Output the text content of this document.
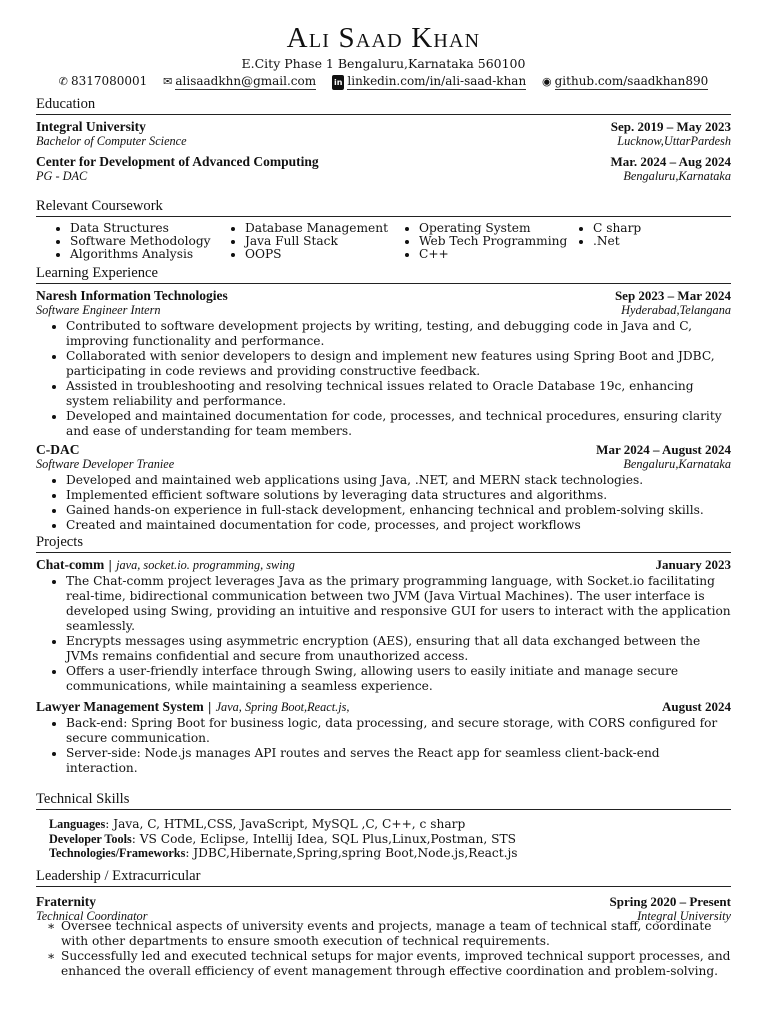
Ali Saad Khan
E.City Phase 1 Bengaluru,Karnataka 560100
✆ 8317080001 ✉ alisaadkhn@gmail.com in linkedin.com/in/ali-saad-khan ◉ github.com/saadkhan890
Education
Integral University	Sep. 2019 – May 2023
Bachelor of Computer Science	Lucknow,UttarPardesh
Center for Development of Advanced Computing	Mar. 2024 – Aug 2024
PG - DAC	Bengaluru,Karnataka
Relevant Coursework
• Data Structures
• Software Methodology
• Algorithms Analysis
• Database Management
• Java Full Stack
• OOPS
• Operating System
• Web Tech Programming
• C++
• C sharp
• .Net
Learning Experience
Naresh Information Technologies	Sep 2023 – Mar 2024
Software Engineer Intern	Hyderabad,Telangana
• Contributed to software development projects by writing, testing, and debugging code in Java and C, improving functionality and performance.
• Collaborated with senior developers to design and implement new features using Spring Boot and JDBC, participating in code reviews and providing constructive feedback.
• Assisted in troubleshooting and resolving technical issues related to Oracle Database 19c, enhancing system reliability and performance.
• Developed and maintained documentation for code, processes, and technical procedures, ensuring clarity and ease of understanding for team members.
C-DAC	Mar 2024 – August 2024
Software Developer Traniee	Bengaluru,Karnataka
• Developed and maintained web applications using Java, .NET, and MERN stack technologies.
• Implemented efficient software solutions by leveraging data structures and algorithms.
• Gained hands-on experience in full-stack development, enhancing technical and problem-solving skills.
• Created and maintained documentation for code, processes, and project workflows
Projects
Chat-comm | java, socket.io. programming, swing	January 2023
• The Chat-comm project leverages Java as the primary programming language, with Socket.io facilitating real-time, bidirectional communication between two JVM (Java Virtual Machines). The user interface is developed using Swing, providing an intuitive and responsive GUI for users to interact with the application seamlessly.
• Encrypts messages using asymmetric encryption (AES), ensuring that all data exchanged between the JVMs remains confidential and secure from unauthorized access.
• Offers a user-friendly interface through Swing, allowing users to easily initiate and manage secure communications, while maintaining a seamless experience.
Lawyer Management System | Java, Spring Boot,React.js,	August 2024
• Back-end: Spring Boot for business logic, data processing, and secure storage, with CORS configured for secure communication.
• Server-side: Node.js manages API routes and serves the React app for seamless client-back-end interaction.
Technical Skills
Languages: Java, C, HTML,CSS, JavaScript, MySQL ,C, C++, c sharp
Developer Tools: VS Code, Eclipse, Intellij Idea, SQL Plus,Linux,Postman, STS
Technologies/Frameworks: JDBC,Hibernate,Spring,spring Boot,Node.js,React.js
Leadership / Extracurricular
Fraternity	Spring 2020 – Present
Technical Coordinator	Integral University
∗ Oversee technical aspects of university events and projects, manage a team of technical staff, coordinate with other departments to ensure smooth execution of technical requirements.
∗ Successfully led and executed technical setups for major events, improved technical support processes, and enhanced the overall efficiency of event management through effective coordination and problem-solving.
